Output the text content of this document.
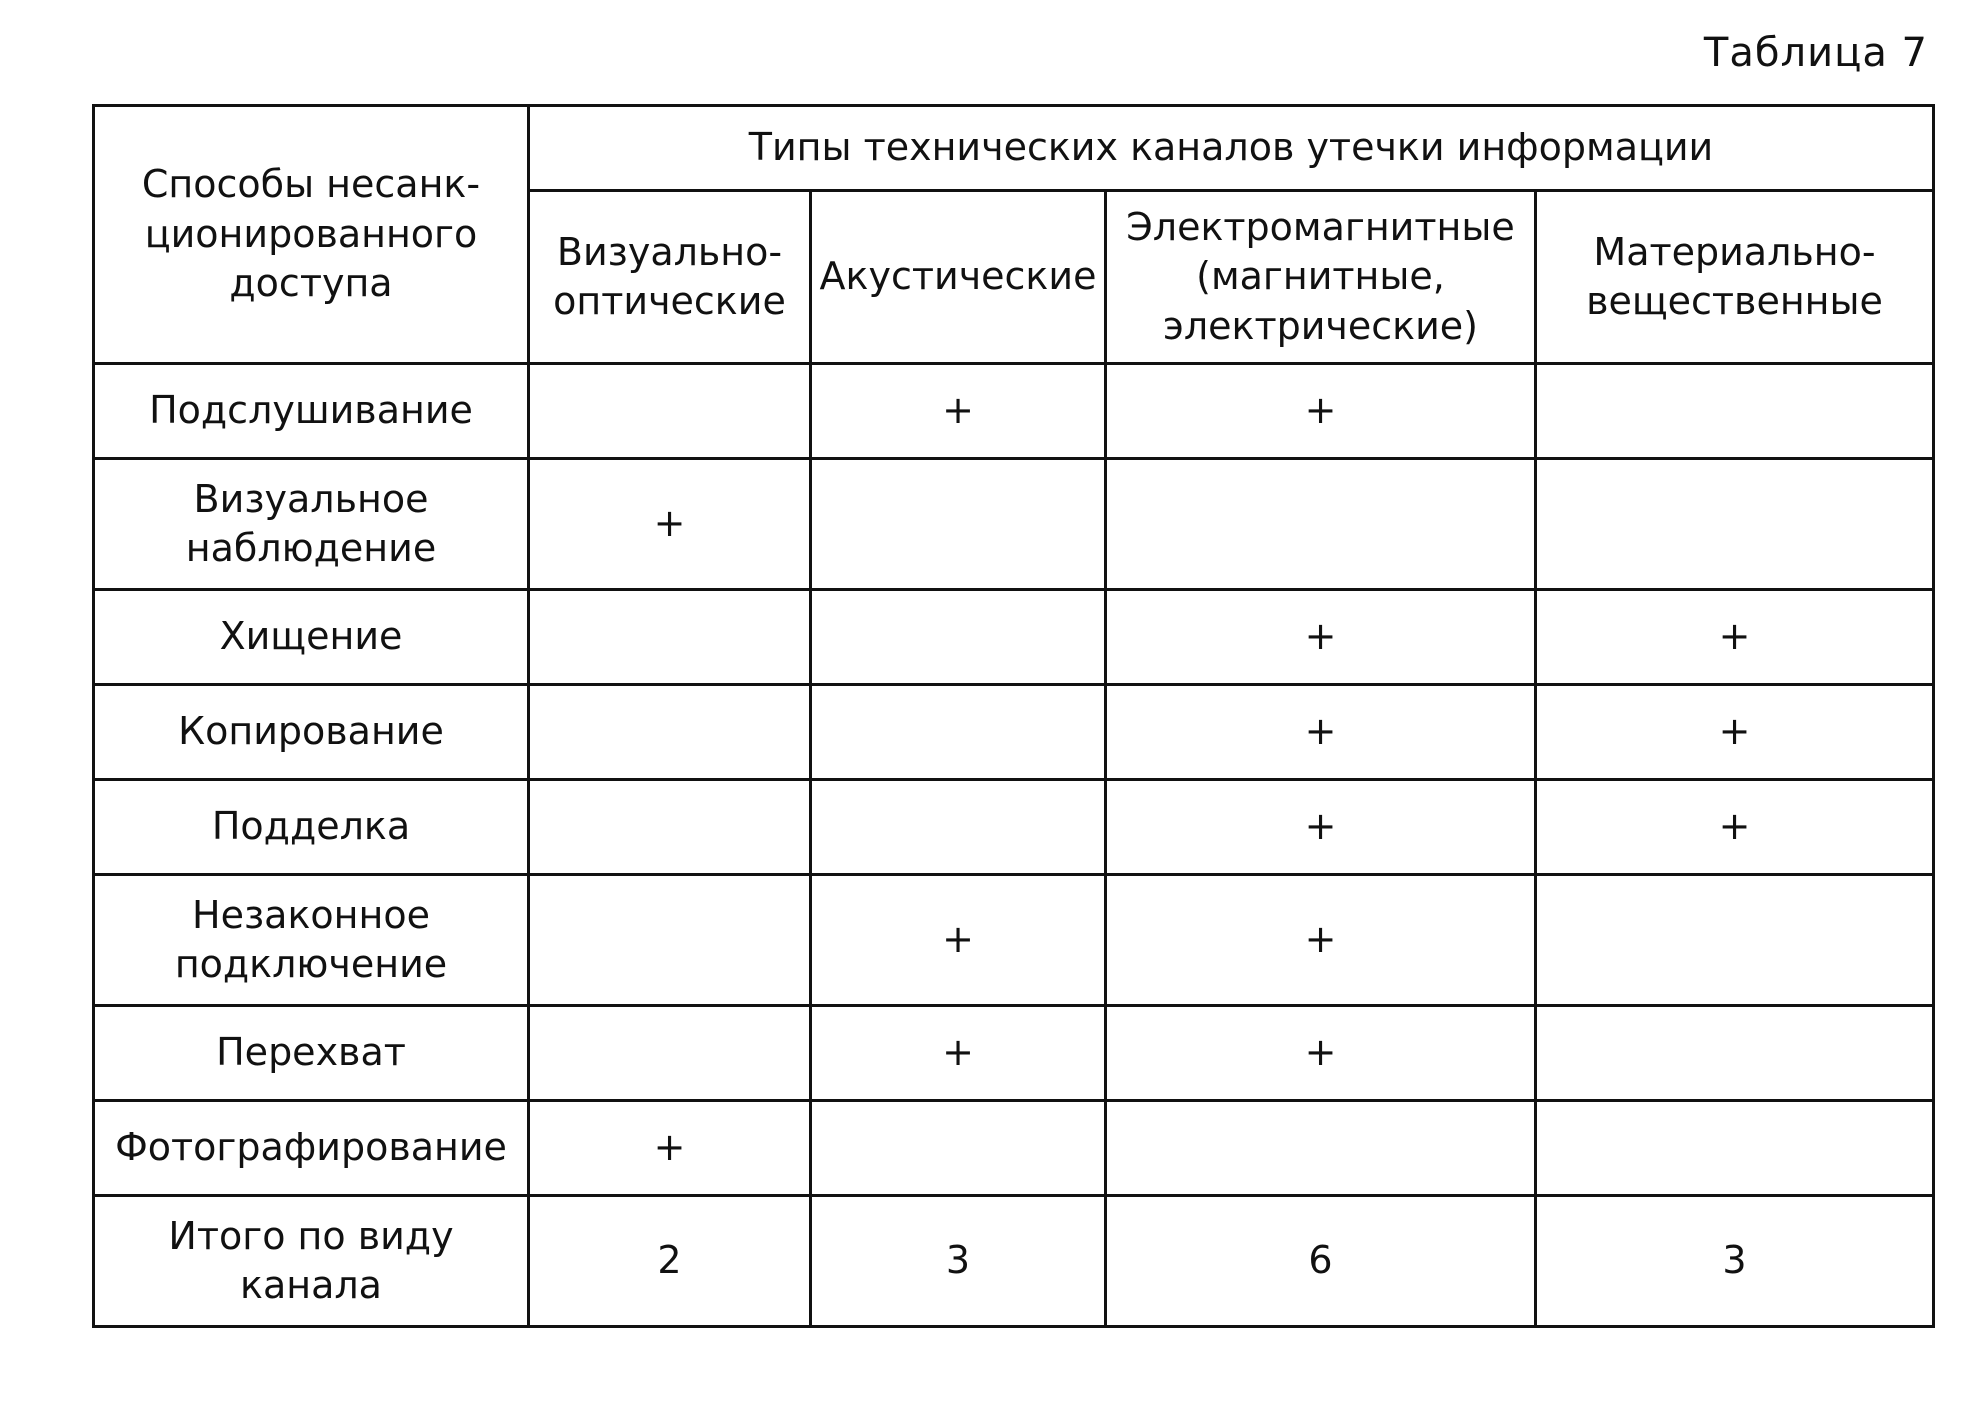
Таблица 7
Способы несанк-
ционированного
доступа	Типы технических каналов утечки информации			
	Визуально-
оптические	Акустические	Электромагнитные
(магнитные,
электрические)	Материально-
вещественные
Подслушивание		+	+	
Визуальное
наблюдение	+			
Хищение			+	+
Копирование			+	+
Подделка			+	+
Незаконное
подключение		+	+	
Перехват		+	+	
Фотографирование	+			
Итого по виду
канала	2	3	6	3
